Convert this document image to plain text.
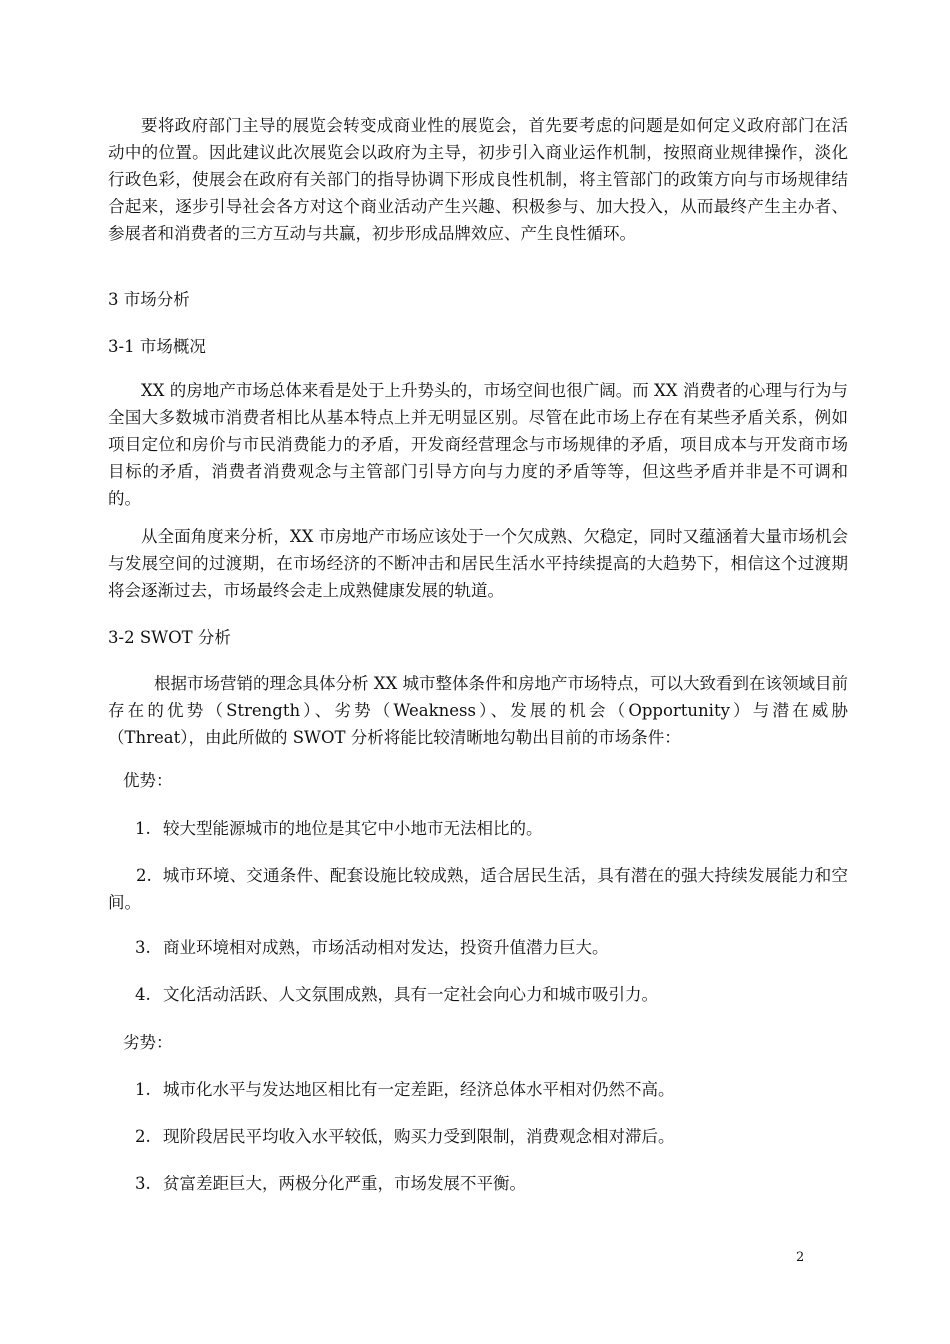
要将政府部门主导的展览会转变成商业性的展览会，首先要考虑的问题是如何定义政府部门在活动中的位置。因此建议此次展览会以政府为主导，初步引入商业运作机制，按照商业规律操作，淡化行政色彩，使展会在政府有关部门的指导协调下形成良性机制，将主管部门的政策方向与市场规律结合起来，逐步引导社会各方对这个商业活动产生兴趣、积极参与、加大投入，从而最终产生主办者、参展者和消费者的三方互动与共赢，初步形成品牌效应、产生良性循环。

3 市场分析

3-1 市场概况

XX 的房地产市场总体来看是处于上升势头的，市场空间也很广阔。而 XX 消费者的心理与行为与全国大多数城市消费者相比从基本特点上并无明显区别。尽管在此市场上存在有某些矛盾关系，例如项目定位和房价与市民消费能力的矛盾，开发商经营理念与市场规律的矛盾，项目成本与开发商市场目标的矛盾，消费者消费观念与主管部门引导方向与力度的矛盾等等，但这些矛盾并非是不可调和的。

从全面角度来分析，XX 市房地产市场应该处于一个欠成熟、欠稳定，同时又蕴涵着大量市场机会与发展空间的过渡期，在市场经济的不断冲击和居民生活水平持续提高的大趋势下，相信这个过渡期将会逐渐过去，市场最终会走上成熟健康发展的轨道。

3-2 SWOT 分析

根据市场营销的理念具体分析 XX 城市整体条件和房地产市场特点，可以大致看到在该领域目前存在的优势（Strength）、劣势（Weakness）、发展的机会（Opportunity）与潜在威胁（Threat），由此所做的 SWOT 分析将能比较清晰地勾勒出目前的市场条件：

优势：

1. 较大型能源城市的地位是其它中小地市无法相比的。

2. 城市环境、交通条件、配套设施比较成熟，适合居民生活，具有潜在的强大持续发展能力和空间。

3. 商业环境相对成熟，市场活动相对发达，投资升值潜力巨大。

4. 文化活动活跃、人文氛围成熟，具有一定社会向心力和城市吸引力。

劣势：

1. 城市化水平与发达地区相比有一定差距，经济总体水平相对仍然不高。

2. 现阶段居民平均收入水平较低，购买力受到限制，消费观念相对滞后。

3. 贫富差距巨大，两极分化严重，市场发展不平衡。

2
